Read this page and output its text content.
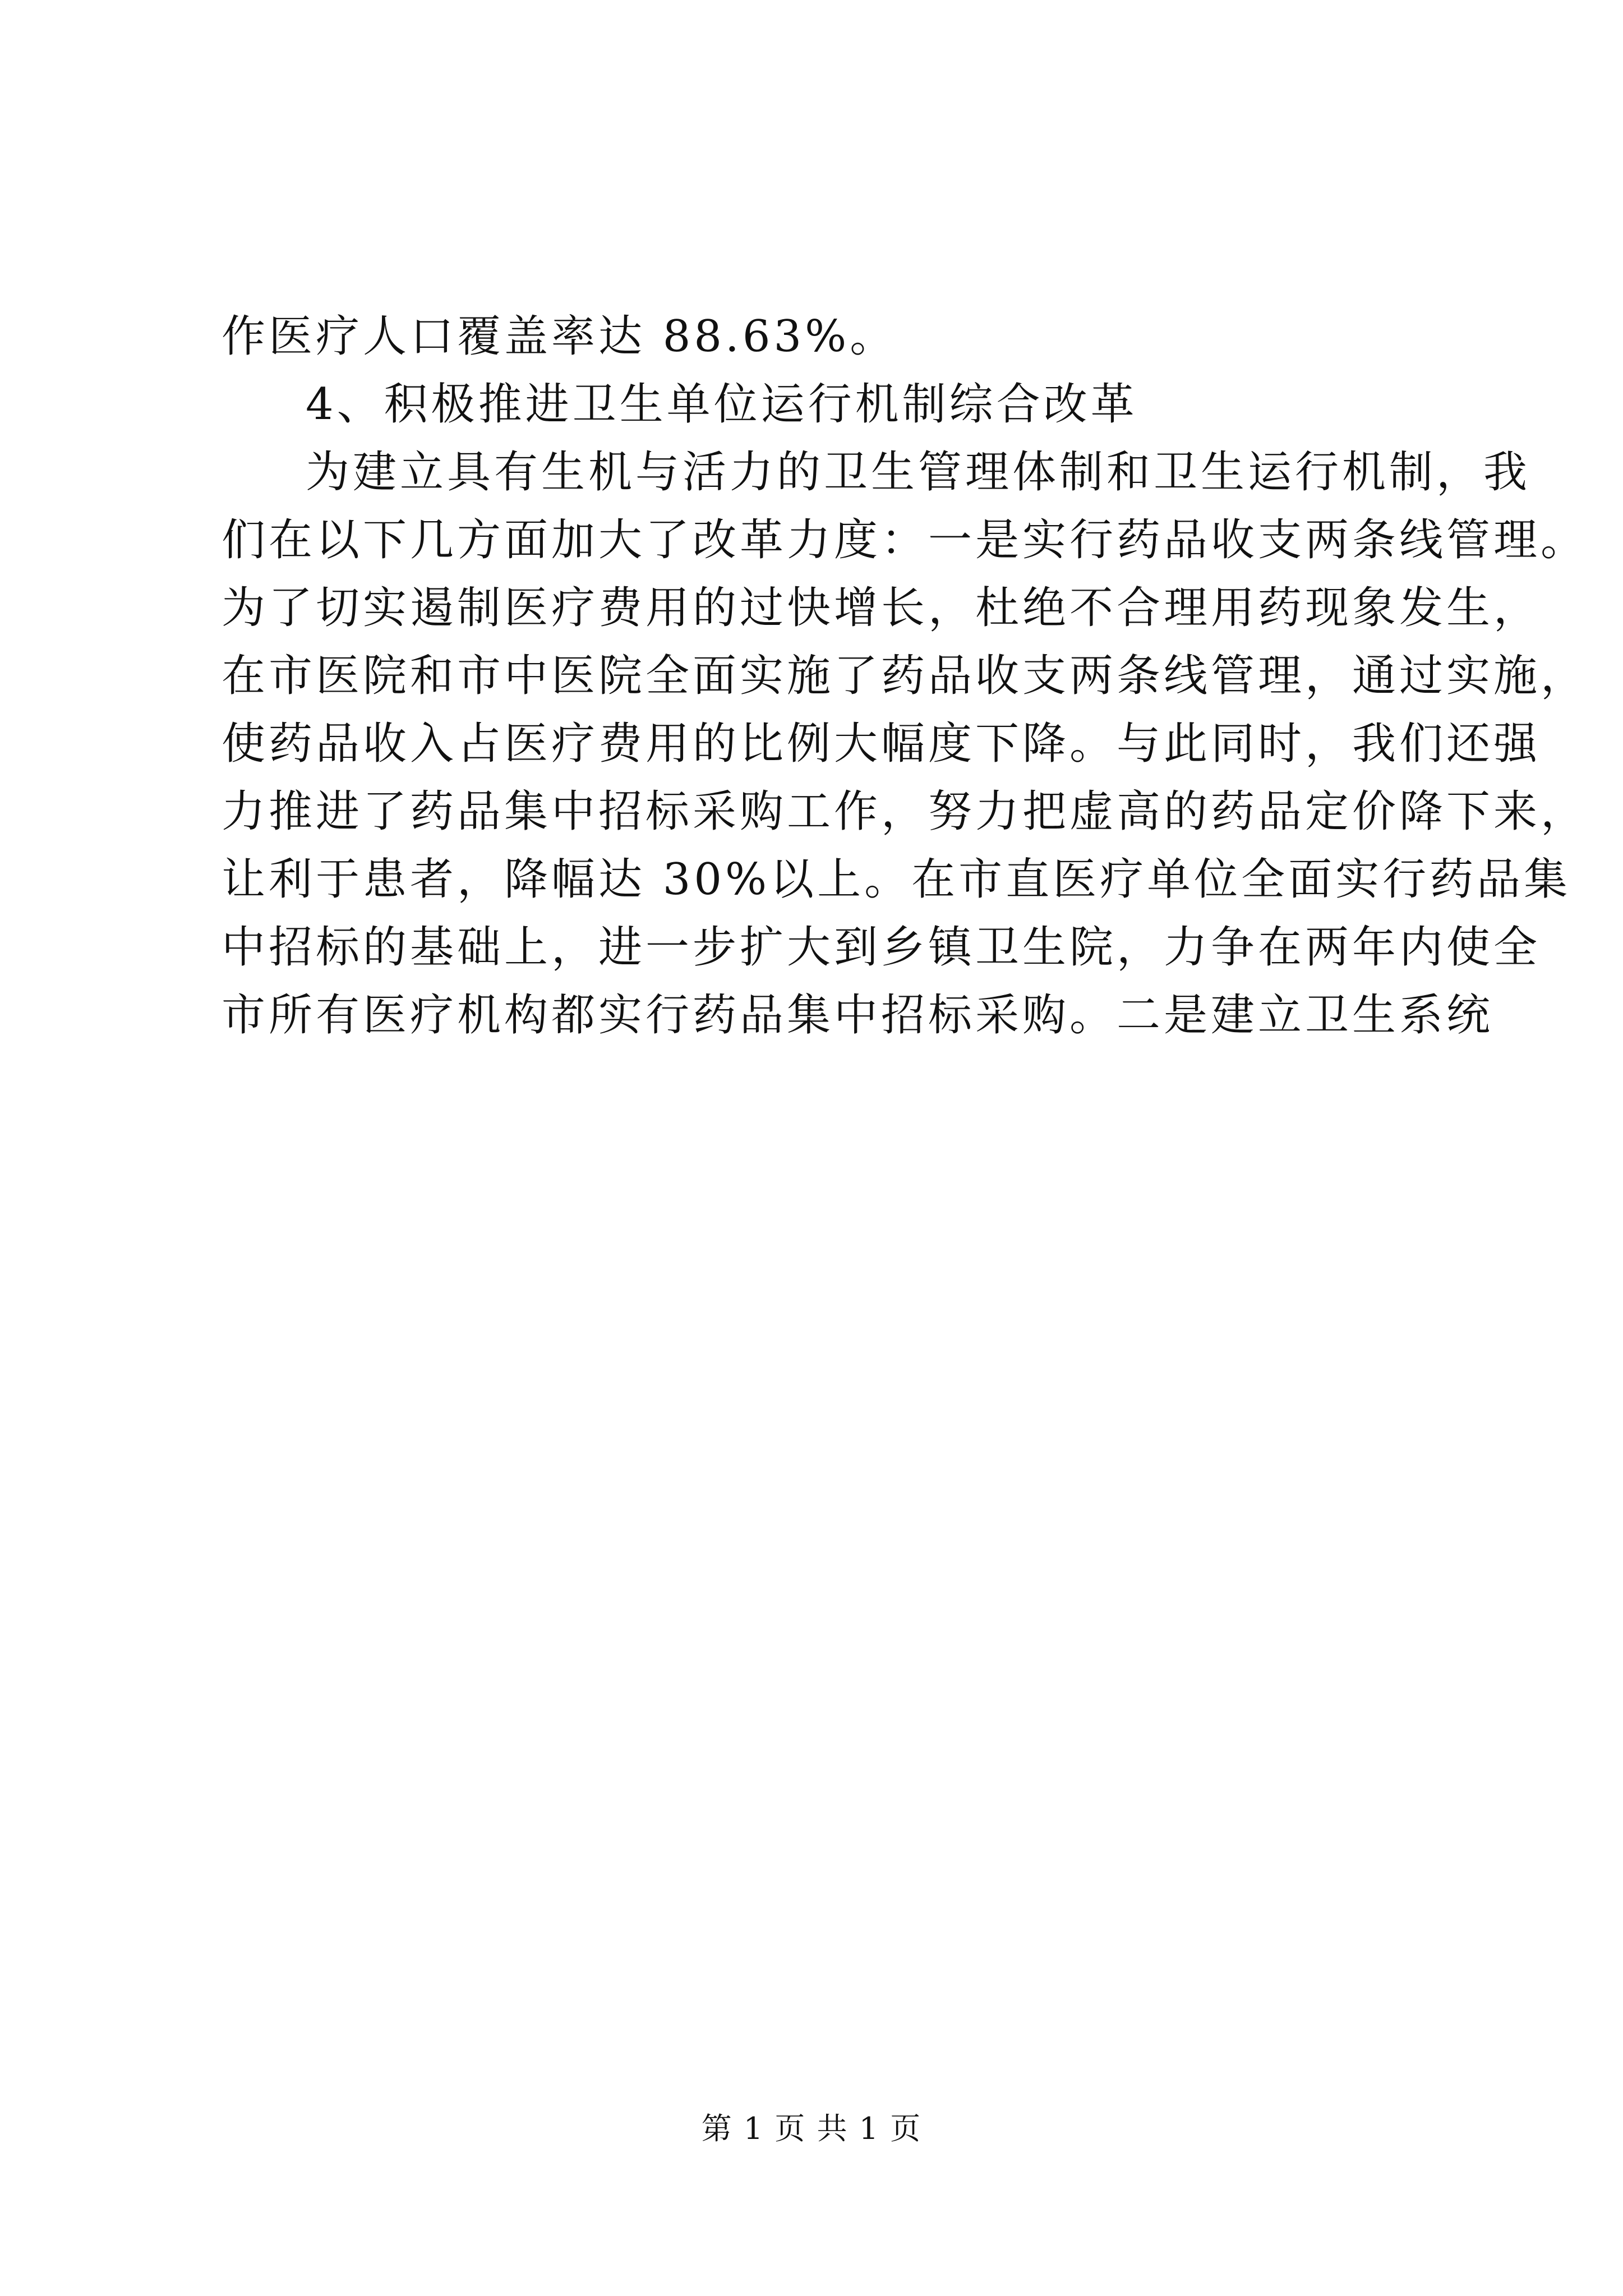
作医疗人口覆盖率达 88.63%。
4、积极推进卫生单位运行机制综合改革
为建立具有生机与活力的卫生管理体制和卫生运行机制，我
们在以下几方面加大了改革力度：一是实行药品收支两条线管理。
为了切实遏制医疗费用的过快增长，杜绝不合理用药现象发生，
在市医院和市中医院全面实施了药品收支两条线管理，通过实施，
使药品收入占医疗费用的比例大幅度下降。与此同时，我们还强
力推进了药品集中招标采购工作，努力把虚高的药品定价降下来，
让利于患者，降幅达 30%以上。在市直医疗单位全面实行药品集
中招标的基础上，进一步扩大到乡镇卫生院，力争在两年内使全
市所有医疗机构都实行药品集中招标采购。二是建立卫生系统
第 1 页 共 1 页
